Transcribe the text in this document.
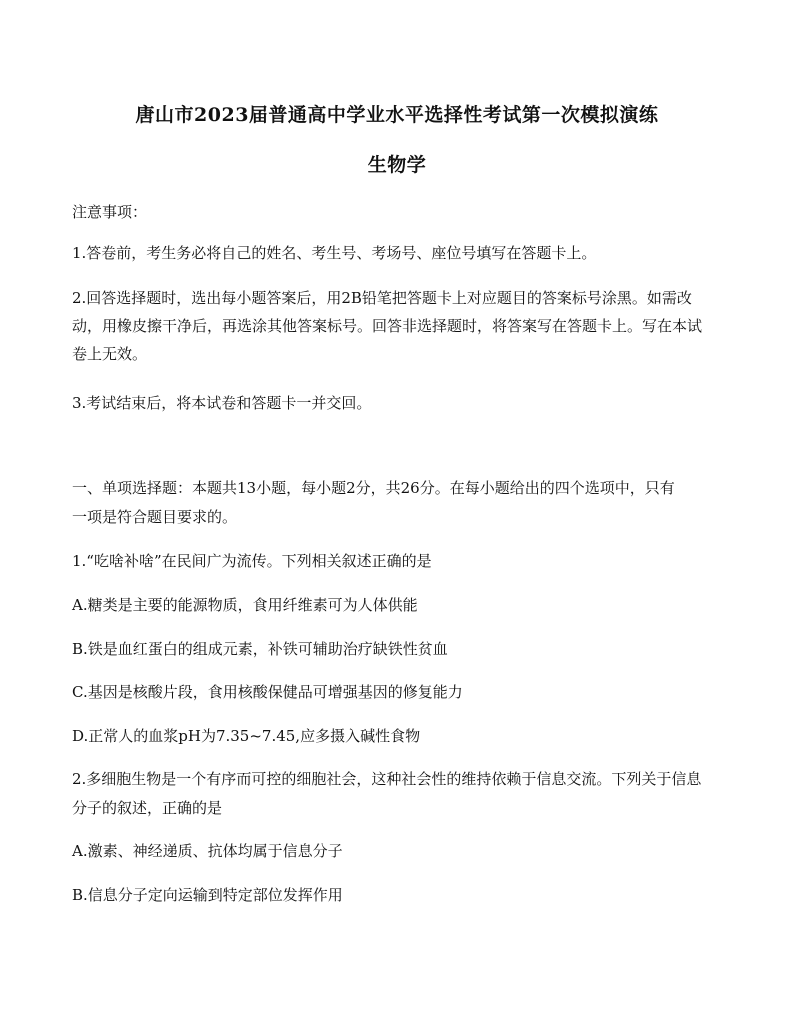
唐山市2023届普通高中学业水平选择性考试第一次模拟演练
生物学
注意事项：
1.答卷前，考生务必将自己的姓名、考生号、考场号、座位号填写在答题卡上。
2.回答选择题时，选出每小题答案后，用2B铅笔把答题卡上对应题目的答案标号涂黑。如需改
动，用橡皮擦干净后，再选涂其他答案标号。回答非选择题时，将答案写在答题卡上。写在本试
卷上无效。
3.考试结束后，将本试卷和答题卡一并交回。
一、单项选择题：本题共13小题，每小题2分，共26分。在每小题给出的四个选项中，只有
一项是符合题目要求的。
1.“吃啥补啥”在民间广为流传。下列相关叙述正确的是
A.糖类是主要的能源物质，食用纤维素可为人体供能
B.铁是血红蛋白的组成元素，补铁可辅助治疗缺铁性贫血
C.基因是核酸片段，食用核酸保健品可增强基因的修复能力
D.正常人的血浆pH为7.35~7.45,应多摄入碱性食物
2.多细胞生物是一个有序而可控的细胞社会，这种社会性的维持依赖于信息交流。下列关于信息
分子的叙述，正确的是
A.激素、神经递质、抗体均属于信息分子
B.信息分子定向运输到特定部位发挥作用
